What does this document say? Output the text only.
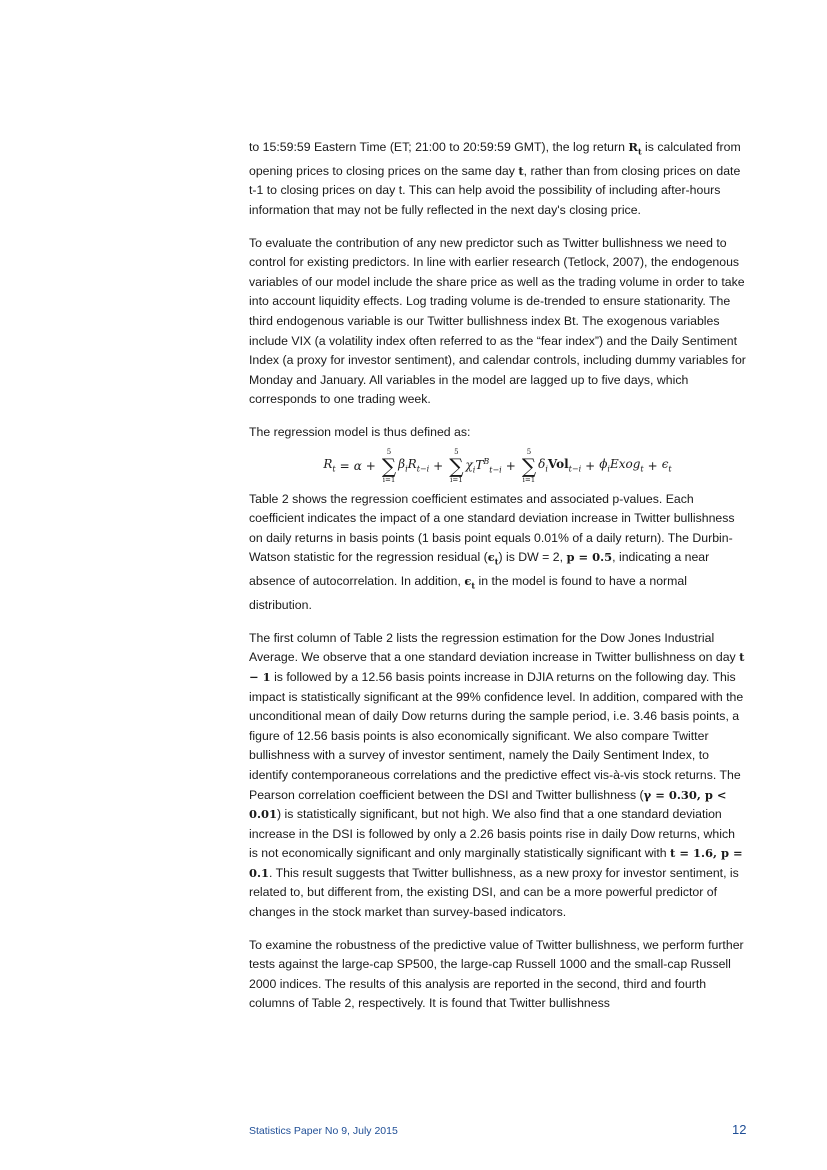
to 15:59:59 Eastern Time (ET; 21:00 to 20:59:59 GMT), the log return $R_t$ is calculated from opening prices to closing prices on the same day t, rather than from closing prices on date t-1 to closing prices on day t. This can help avoid the possibility of including after-hours information that may not be fully reflected in the next day's closing price.

To evaluate the contribution of any new predictor such as Twitter bullishness we need to control for existing predictors. In line with earlier research (Tetlock, 2007), the endogenous variables of our model include the share price as well as the trading volume in order to take into account liquidity effects. Log trading volume is de-trended to ensure stationarity. The third endogenous variable is our Twitter bullishness index Bt. The exogenous variables include VIX (a volatility index often referred to as the “fear index”) and the Daily Sentiment Index (a proxy for investor sentiment), and calendar controls, including dummy variables for Monday and January. All variables in the model are lagged up to five days, which corresponds to one trading week.

The regression model is thus defined as:

$R_t = \alpha$ +
5
∑
i=1
$\beta_iR_{t-i}$ +
5
∑
i=1
$\chi_iT^B_{t-i}$ +
5
∑
i=1
$\delta_iVol_{t-i}$ + $\phi_iExog_t + \epsilon_t$

Table 2 shows the regression coefficient estimates and associated p-values. Each coefficient indicates the impact of a one standard deviation increase in Twitter bullishness on daily returns in basis points (1 basis point equals 0.01% of a daily return). The Durbin-Watson statistic for the regression residual $(\epsilon_t)$ is DW = 2, p = 0.5, indicating a near absence of autocorrelation. In addition, $\epsilon_t$ in the model is found to have a normal distribution.

The first column of Table 2 lists the regression estimation for the Dow Jones Industrial Average. We observe that a one standard deviation increase in Twitter bullishness on day t − 1 is followed by a 12.56 basis points increase in DJIA returns on the following day. This impact is statistically significant at the 99% confidence level. In addition, compared with the unconditional mean of daily Dow returns during the sample period, i.e. 3.46 basis points, a figure of 12.56 basis points is also economically significant. We also compare Twitter bullishness with a survey of investor sentiment, namely the Daily Sentiment Index, to identify contemporaneous correlations and the predictive effect vis-à-vis stock returns. The Pearson correlation coefficient between the DSI and Twitter bullishness (γ = 0.30, p < 0.01) is statistically significant, but not high. We also find that a one standard deviation increase in the DSI is followed by only a 2.26 basis points rise in daily Dow returns, which is not economically significant and only marginally statistically significant with t = 1.6, p = 0.1. This result suggests that Twitter bullishness, as a new proxy for investor sentiment, is related to, but different from, the existing DSI, and can be a more powerful predictor of changes in the stock market than survey-based indicators.

To examine the robustness of the predictive value of Twitter bullishness, we perform further tests against the large-cap SP500, the large-cap Russell 1000 and the small-cap Russell 2000 indices. The results of this analysis are reported in the second, third and fourth columns of Table 2, respectively. It is found that Twitter bullishness

Statistics Paper No 9, July 2015	12
